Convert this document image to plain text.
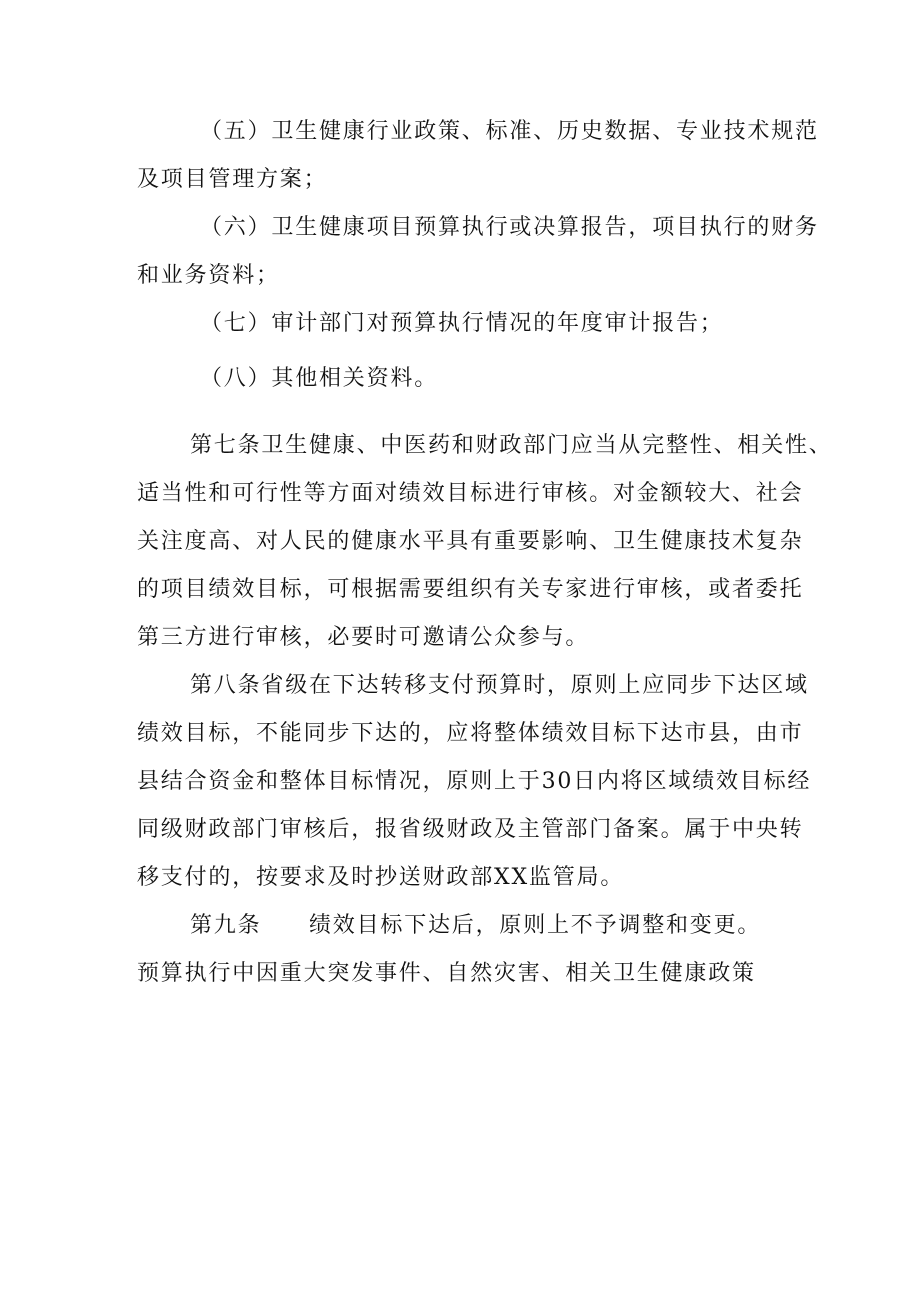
（五）卫生健康行业政策、标准、历史数据、专业技术规范
及项目管理方案；
（六）卫生健康项目预算执行或决算报告，项目执行的财务
和业务资料；
（七）审计部门对预算执行情况的年度审计报告；
（八）其他相关资料。
第七条卫生健康、中医药和财政部门应当从完整性、相关性、
适当性和可行性等方面对绩效目标进行审核。对金额较大、社会
关注度高、对人民的健康水平具有重要影响、卫生健康技术复杂
的项目绩效目标，可根据需要组织有关专家进行审核，或者委托
第三方进行审核，必要时可邀请公众参与。
第八条省级在下达转移支付预算时，原则上应同步下达区域
绩效目标，不能同步下达的，应将整体绩效目标下达市县，由市
县结合资金和整体目标情况，原则上于30日内将区域绩效目标经
同级财政部门审核后，报省级财政及主管部门备案。属于中央转
移支付的，按要求及时抄送财政部XX监管局。
第九条　　绩效目标下达后，原则上不予调整和变更。
预算执行中因重大突发事件、自然灾害、相关卫生健康政策
